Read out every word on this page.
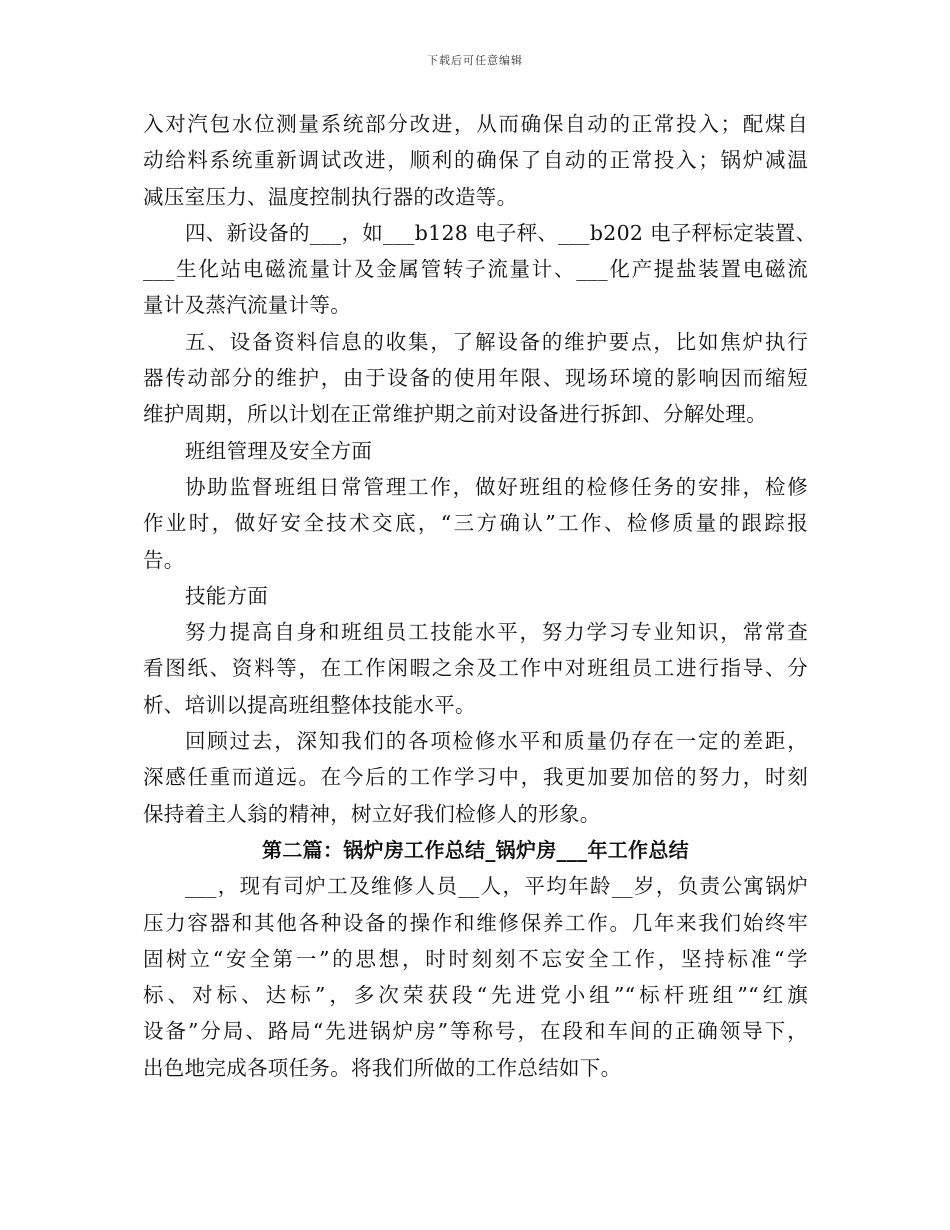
下载后可任意编辑
入对汽包水位测量系统部分改进，从而确保自动的正常投入；配煤自
动给料系统重新调试改进，顺利的确保了自动的正常投入；锅炉减温
减压室压力、温度控制执行器的改造等。
四、新设备的___，如___b128 电子秤、___b202 电子秤标定装置、
___生化站电磁流量计及金属管转子流量计、___化产提盐装置电磁流
量计及蒸汽流量计等。
五、设备资料信息的收集，了解设备的维护要点，比如焦炉执行
器传动部分的维护，由于设备的使用年限、现场环境的影响因而缩短
维护周期，所以计划在正常维护期之前对设备进行拆卸、分解处理。
班组管理及安全方面
协助监督班组日常管理工作，做好班组的检修任务的安排，检修
作业时，做好安全技术交底，“三方确认”工作、检修质量的跟踪报
告。
技能方面
努力提高自身和班组员工技能水平，努力学习专业知识，常常查
看图纸、资料等，在工作闲暇之余及工作中对班组员工进行指导、分
析、培训以提高班组整体技能水平。
回顾过去，深知我们的各项检修水平和质量仍存在一定的差距，
深感任重而道远。在今后的工作学习中，我更加要加倍的努力，时刻
保持着主人翁的精神，树立好我们检修人的形象。
第二篇：锅炉房工作总结_锅炉房___年工作总结
___，现有司炉工及维修人员__人，平均年龄__岁，负责公寓锅炉
压力容器和其他各种设备的操作和维修保养工作。几年来我们始终牢
固树立“安全第一”的思想，时时刻刻不忘安全工作，坚持标准“学
标、对标、达标”，多次荣获段“先进党小组”“标杆班组”“红旗
设备”分局、路局“先进锅炉房”等称号，在段和车间的正确领导下，
出色地完成各项任务。将我们所做的工作总结如下。
